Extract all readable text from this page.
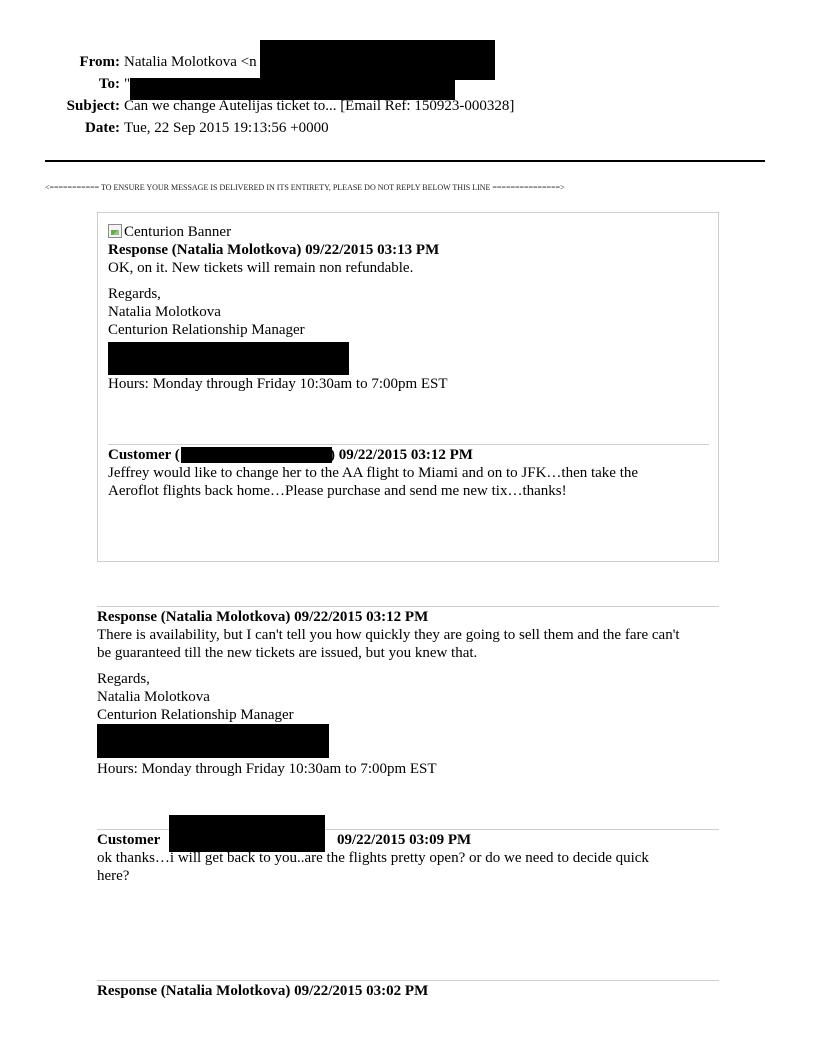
From: Natalia Molotkova <n
To: "
Subject: Can we change Autelijas ticket to... [Email Ref: 150923-000328]
Date: Tue, 22 Sep 2015 19:13:56 +0000
<=========== TO ENSURE YOUR MESSAGE IS DELIVERED IN ITS ENTIRETY, PLEASE DO NOT REPLY BELOW THIS LINE ===============>
Centurion Banner
Response (Natalia Molotkova) 09/22/2015 03:13 PM
OK, on it. New tickets will remain non refundable.
Regards,
Natalia Molotkova
Centurion Relationship Manager
Hours: Monday through Friday 10:30am to 7:00pm EST
Customer (	) 09/22/2015 03:12 PM
Jeffrey would like to change her to the AA flight to Miami and on to JFK…then take the
Aeroflot flights back home…Please purchase and send me new tix…thanks!
Response (Natalia Molotkova) 09/22/2015 03:12 PM
There is availability, but I can't tell you how quickly they are going to sell them and the fare can't
be guaranteed till the new tickets are issued, but you knew that.
Regards,
Natalia Molotkova
Centurion Relationship Manager
Hours: Monday through Friday 10:30am to 7:00pm EST
Customer	09/22/2015 03:09 PM
ok thanks…i will get back to you..are the flights pretty open? or do we need to decide quick
here?
Response (Natalia Molotkova) 09/22/2015 03:02 PM
